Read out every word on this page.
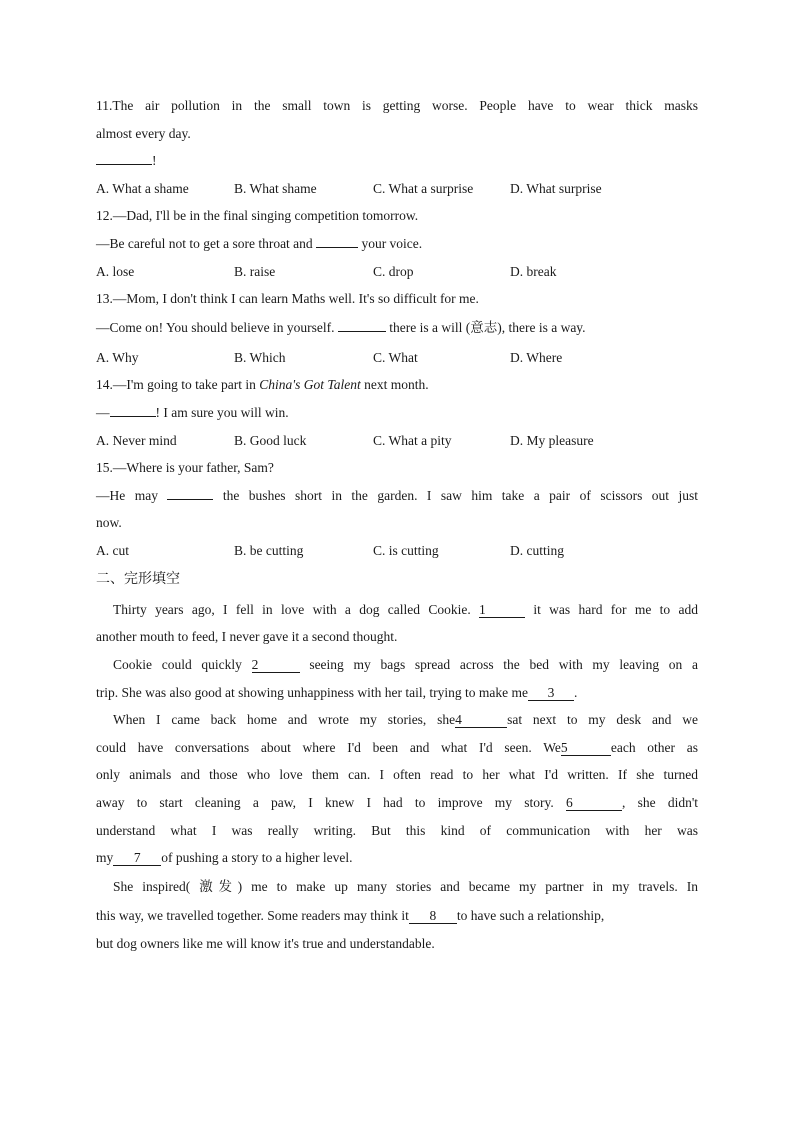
11.The air pollution in the small town is getting worse. People have to wear thick masks
almost every day.
!
A. What a shame	B. What shame	C. What a surprise	D. What surprise
12.—Dad, I'll be in the final singing competition tomorrow.
—Be careful not to get a sore throat and	your voice.
A. lose	B. raise	C. drop	D. break
13.—Mom, I don't think I can learn Maths well. It's so difficult for me.
—Come on! You should believe in yourself.	there is a will (意志), there is a way.
A. Why	B. Which	C. What	D. Where
14.—I'm going to take part in China's Got Talent next month.
—	! I am sure you will win.
A. Never mind	B. Good luck	C. What a pity	D. My pleasure
15.—Where is your father, Sam?
—He may	the bushes short in the garden. I saw him take a pair of scissors out just
now.
A. cut	B. be cutting	C. is cutting	D. cutting
二、完形填空
Thirty years ago, I fell in love with a dog called Cookie. 1	it was hard for me to add
another mouth to feed, I never gave it a second thought.
Cookie could quickly 2	seeing my bags spread across the bed with my leaving on a
trip. She was also good at showing unhappiness with her tail, trying to make me 3 .
When I came back home and wrote my stories, she4	sat next to my desk and we
could have conversations about where I'd been and what I'd seen. We5	each other as
only animals and those who love them can. I often read to her what I'd written. If she turned
away to start cleaning a paw, I knew I had to improve my story. 6	, she didn't
understand what I was really writing. But this kind of communication with her was
my 7 of pushing a story to a higher level.
She inspired( 激发) me to make up many stories and became my partner in my travels. In
this way, we travelled together. Some readers may think it 8 to have such a relationship,
but dog owners like me will know it's true and understandable.
